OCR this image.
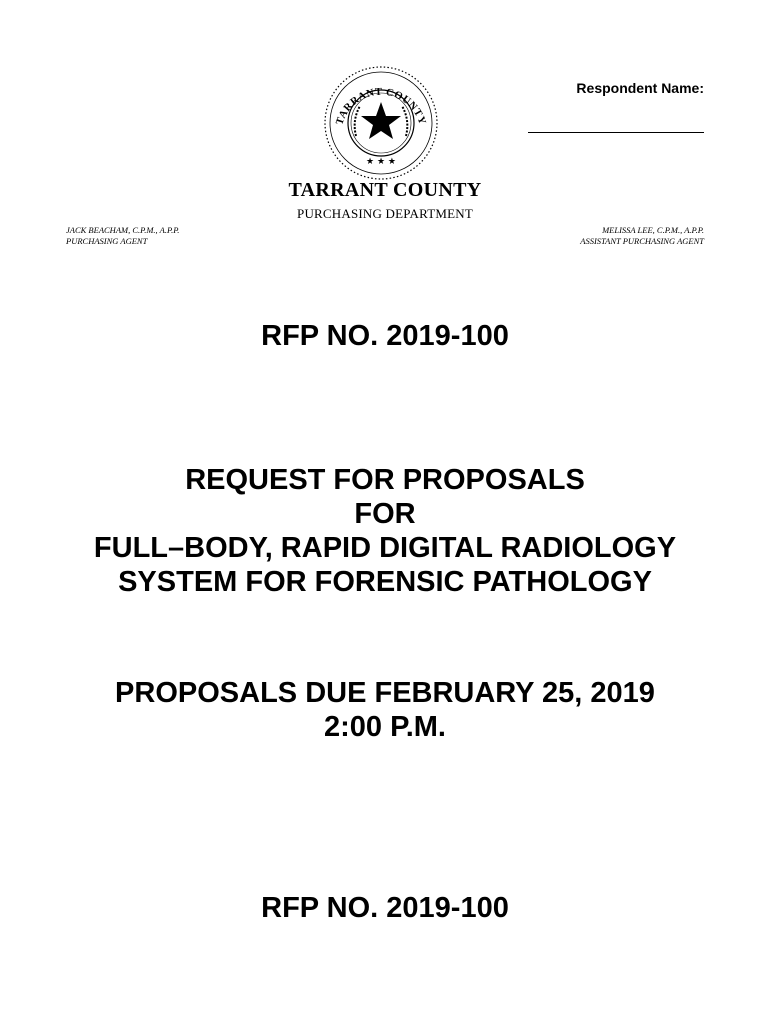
TARRANT COUNTY
★ ★ ★
Respondent Name:
TARRANT COUNTY
PURCHASING DEPARTMENT
JACK BEACHAM, C.P.M., A.P.P.
PURCHASING AGENT
MELISSA LEE, C.P.M., A.P.P.
ASSISTANT PURCHASING AGENT
RFP NO. 2019-100
REQUEST FOR PROPOSALS
FOR
FULL–BODY, RAPID DIGITAL RADIOLOGY
SYSTEM FOR FORENSIC PATHOLOGY
PROPOSALS DUE FEBRUARY 25, 2019
2:00 P.M.
RFP NO. 2019-100
